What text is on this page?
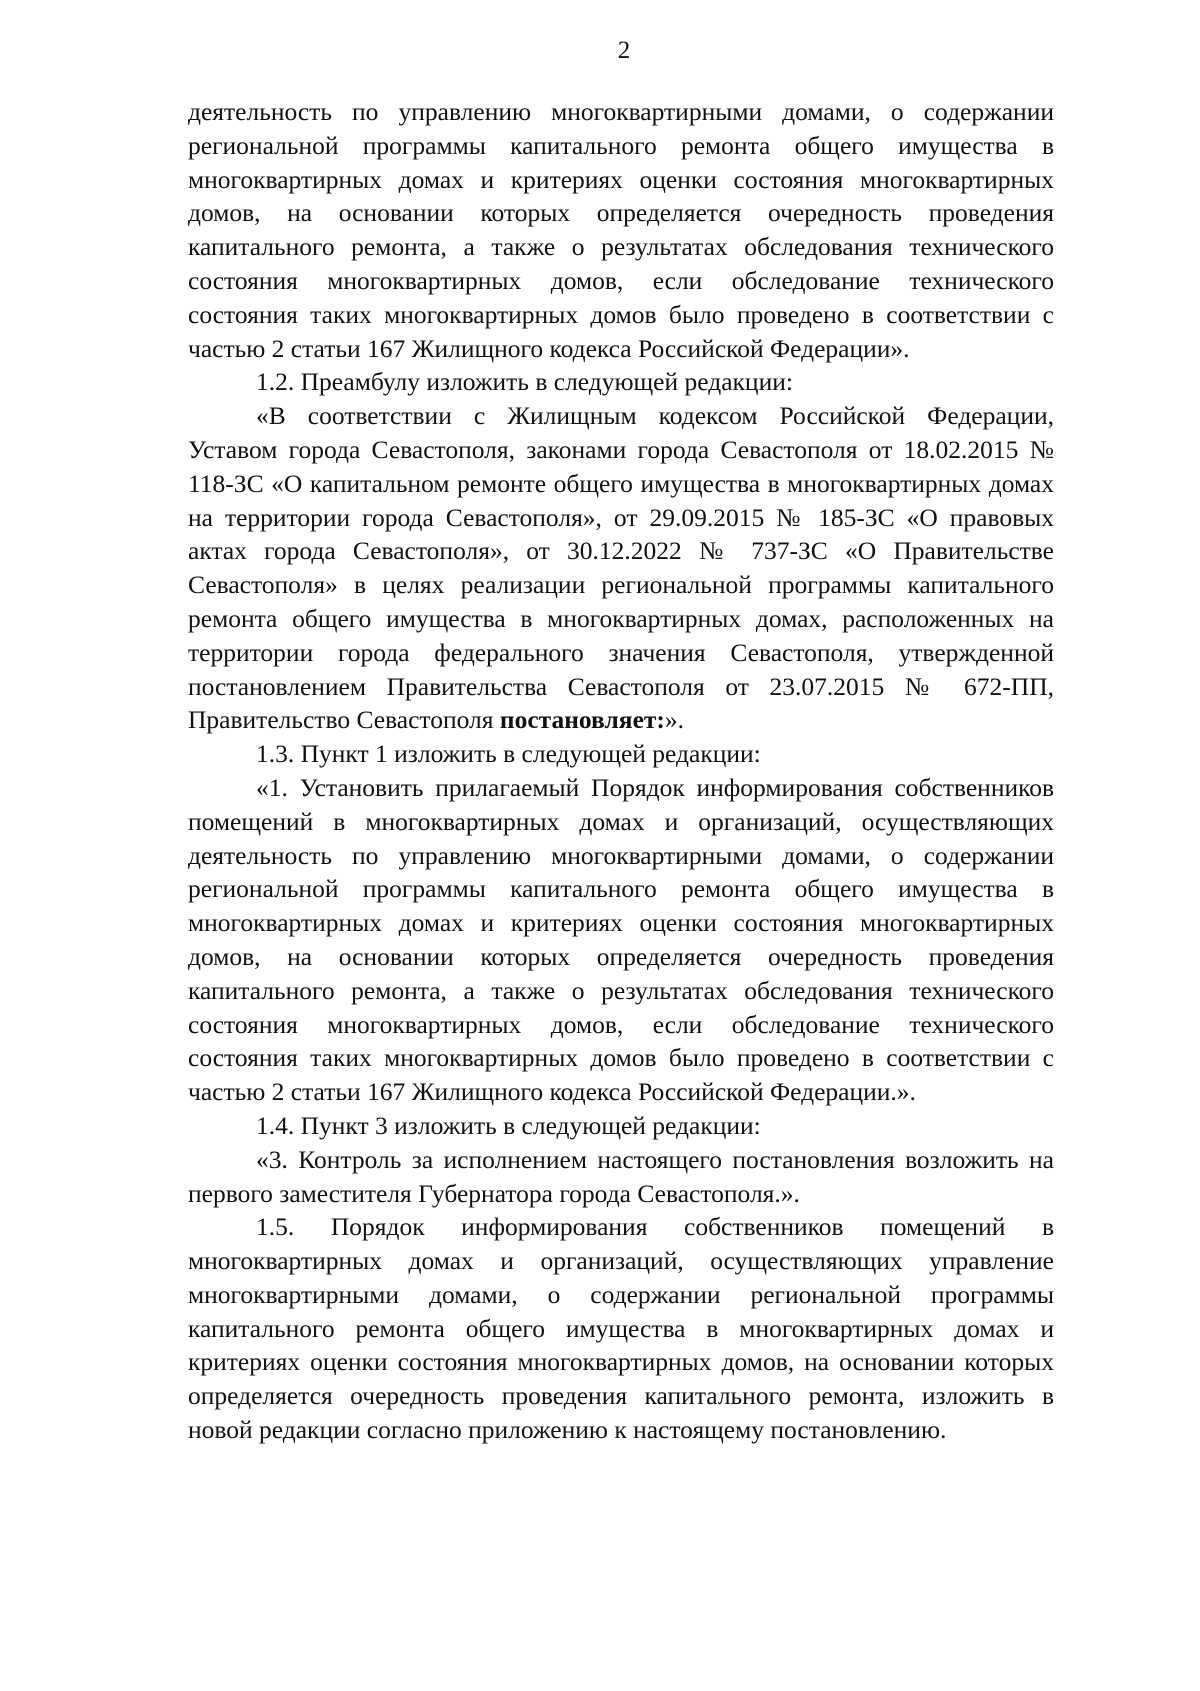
2

деятельность по управлению многоквартирными домами, о содержании региональной программы капитального ремонта общего имущества в многоквартирных домах и критериях оценки состояния многоквартирных домов, на основании которых определяется очередность проведения капитального ремонта, а также о результатах обследования технического состояния многоквартирных домов, если обследование технического состояния таких многоквартирных домов было проведено в соответствии с частью 2 статьи 167 Жилищного кодекса Российской Федерации».

1.2. Преамбулу изложить в следующей редакции:

«В соответствии с Жилищным кодексом Российской Федерации, Уставом города Севастополя, законами города Севастополя от 18.02.2015 № 118-ЗС «О капитальном ремонте общего имущества в многоквартирных домах на территории города Севастополя», от 29.09.2015 № 185-ЗС «О правовых актах города Севастополя», от 30.12.2022 № 737-ЗС «О Правительстве Севастополя» в целях реализации региональной программы капитального ремонта общего имущества в многоквартирных домах, расположенных на территории города федерального значения Севастополя, утвержденной постановлением Правительства Севастополя от 23.07.2015 № 672-ПП, Правительство Севастополя постановляет:».

1.3. Пункт 1 изложить в следующей редакции:

«1. Установить прилагаемый Порядок информирования собственников помещений в многоквартирных домах и организаций, осуществляющих деятельность по управлению многоквартирными домами, о содержании региональной программы капитального ремонта общего имущества в многоквартирных домах и критериях оценки состояния многоквартирных домов, на основании которых определяется очередность проведения капитального ремонта, а также о результатах обследования технического состояния многоквартирных домов, если обследование технического состояния таких многоквартирных домов было проведено в соответствии с частью 2 статьи 167 Жилищного кодекса Российской Федерации.».

1.4. Пункт 3 изложить в следующей редакции:

«3. Контроль за исполнением настоящего постановления возложить на первого заместителя Губернатора города Севастополя.».

1.5. Порядок информирования собственников помещений в многоквартирных домах и организаций, осуществляющих управление многоквартирными домами, о содержании региональной программы капитального ремонта общего имущества в многоквартирных домах и критериях оценки состояния многоквартирных домов, на основании которых определяется очередность проведения капитального ремонта, изложить в новой редакции согласно приложению к настоящему постановлению.
